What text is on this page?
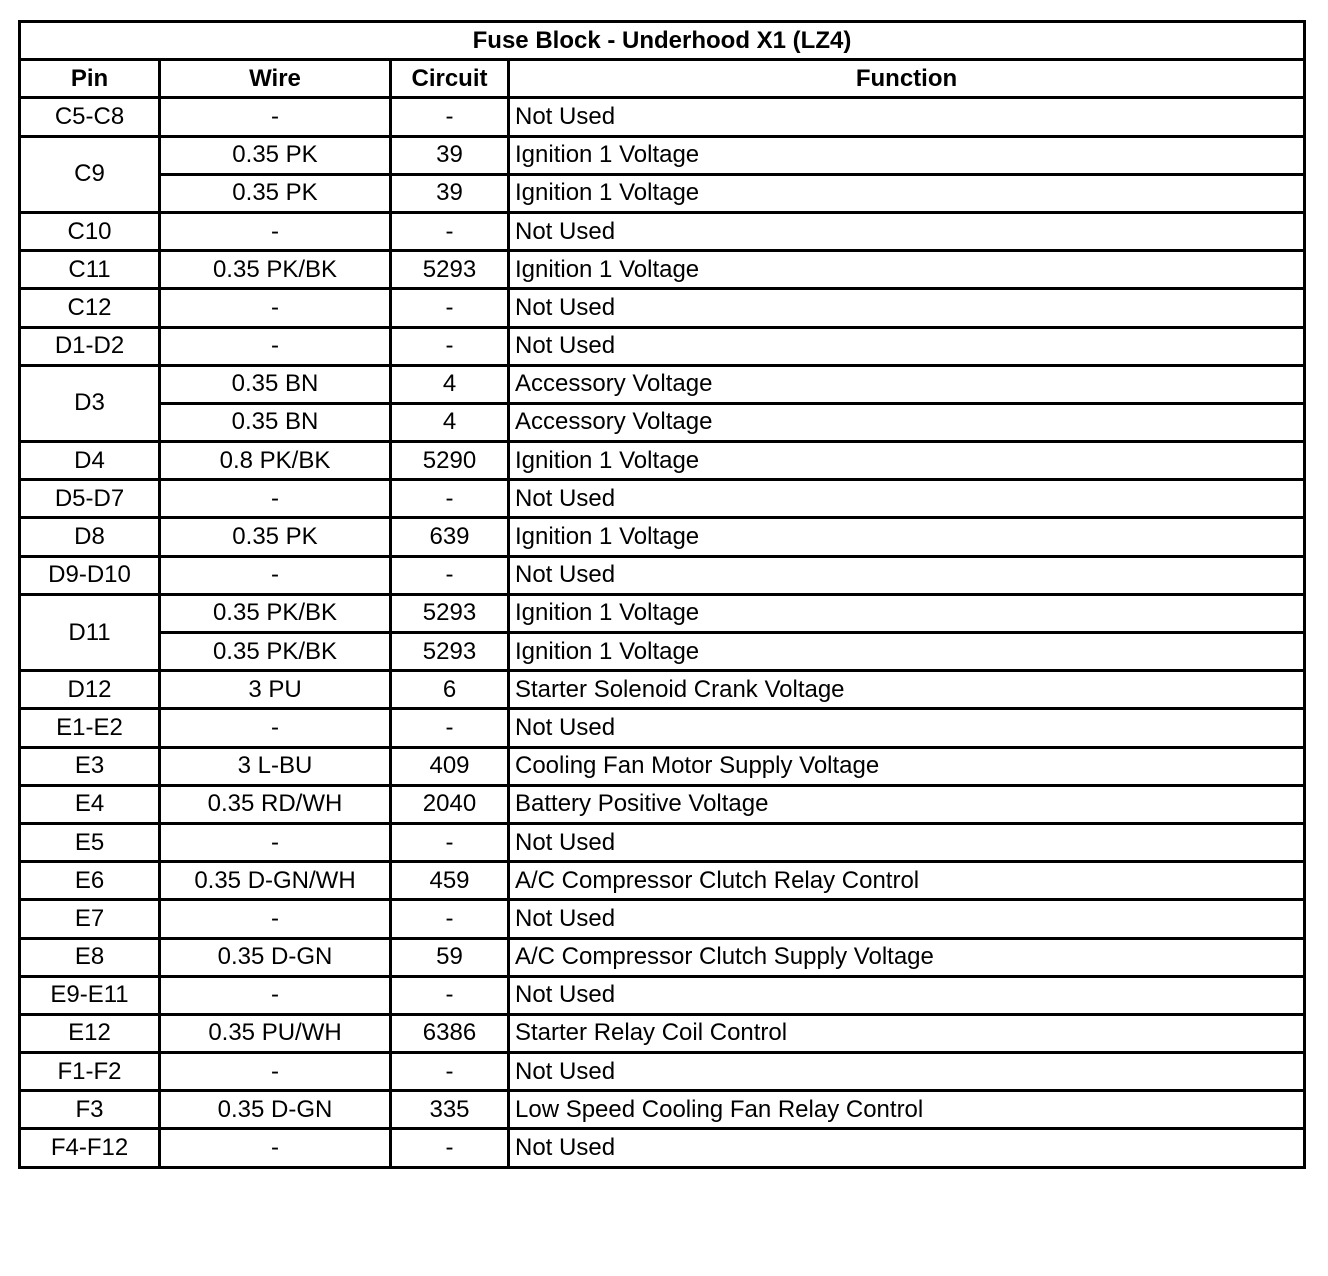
Fuse Block - Underhood X1 (LZ4)			
Pin	Wire	Circuit	Function
C5-C8	-	-	Not Used
C9	0.35 PK	39	Ignition 1 Voltage
	0.35 PK	39	Ignition 1 Voltage
C10	-	-	Not Used
C11	0.35 PK/BK	5293	Ignition 1 Voltage
C12	-	-	Not Used
D1-D2	-	-	Not Used
D3	0.35 BN	4	Accessory Voltage
	0.35 BN	4	Accessory Voltage
D4	0.8 PK/BK	5290	Ignition 1 Voltage
D5-D7	-	-	Not Used
D8	0.35 PK	639	Ignition 1 Voltage
D9-D10	-	-	Not Used
D11	0.35 PK/BK	5293	Ignition 1 Voltage
	0.35 PK/BK	5293	Ignition 1 Voltage
D12	3 PU	6	Starter Solenoid Crank Voltage
E1-E2	-	-	Not Used
E3	3 L-BU	409	Cooling Fan Motor Supply Voltage
E4	0.35 RD/WH	2040	Battery Positive Voltage
E5	-	-	Not Used
E6	0.35 D-GN/WH	459	A/C Compressor Clutch Relay Control
E7	-	-	Not Used
E8	0.35 D-GN	59	A/C Compressor Clutch Supply Voltage
E9-E11	-	-	Not Used
E12	0.35 PU/WH	6386	Starter Relay Coil Control
F1-F2	-	-	Not Used
F3	0.35 D-GN	335	Low Speed Cooling Fan Relay Control
F4-F12	-	-	Not Used
